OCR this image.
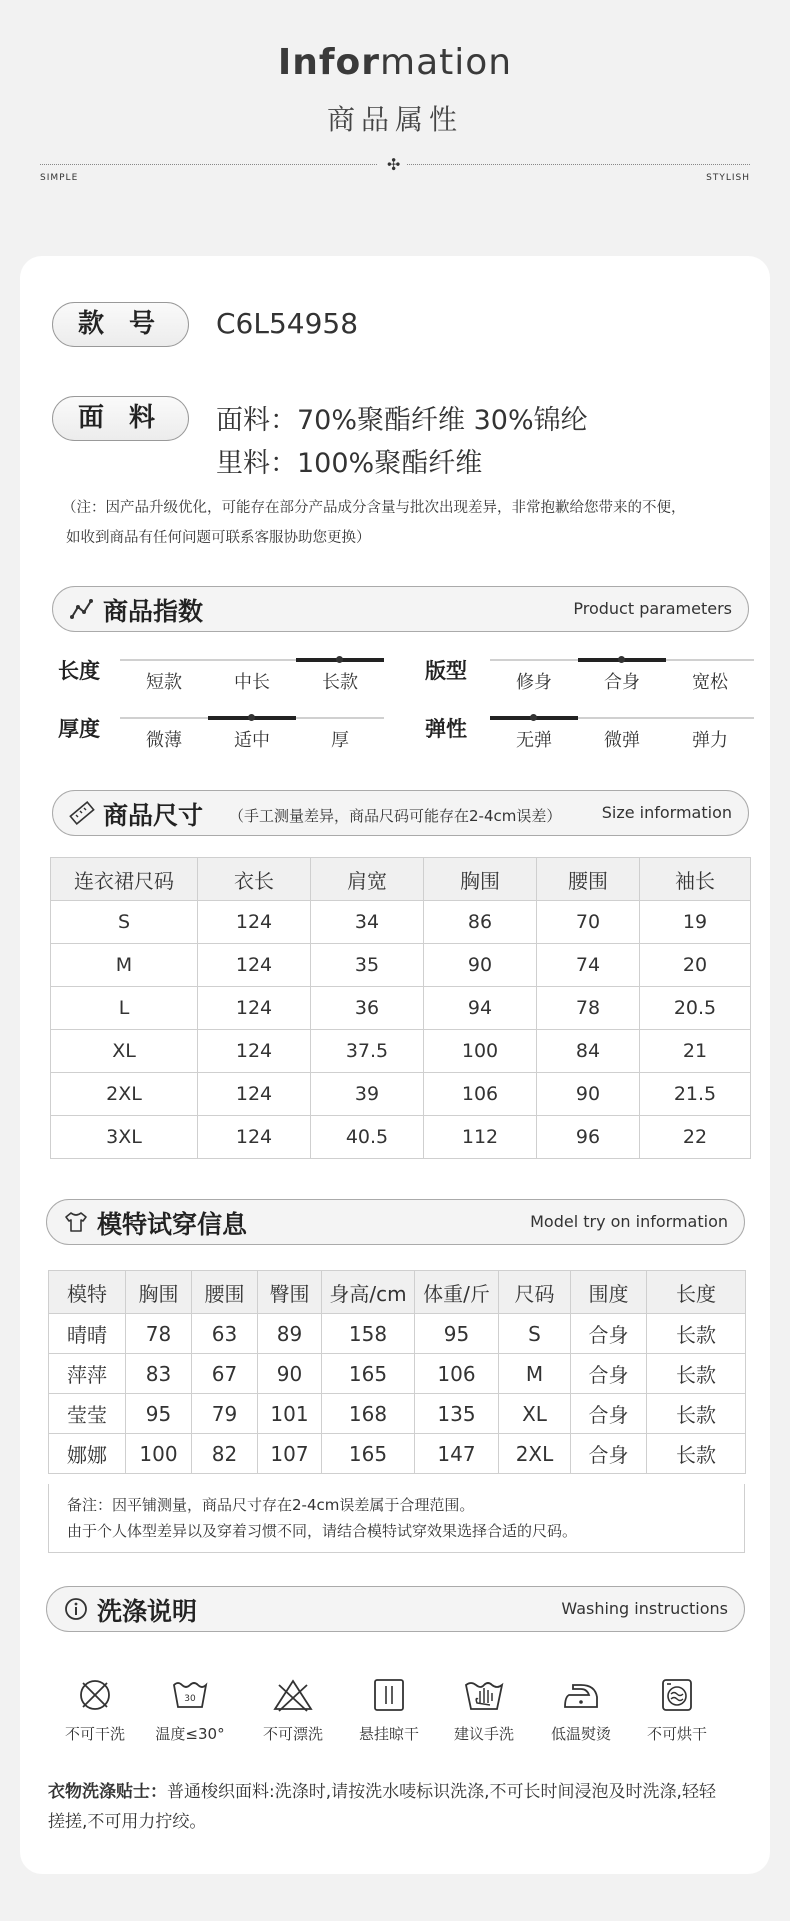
Information
商品属性
✣
SIMPLE	STYLISH
款 号	C6L54958
面 料	面料：70%聚酯纤维 30%锦纶
里料：100%聚酯纤维
（注：因产品升级优化，可能存在部分产品成分含量与批次出现差异，非常抱歉给您带来的不便，
如收到商品有任何问题可联系客服协助您更换）
商品指数	Product parameters
长度	短款	中长	长款	版型	修身	合身	宽松
厚度	微薄	适中	厚	弹性	无弹	微弹	弹力
商品尺寸 （手工测量差异，商品尺码可能存在2-4cm误差）	Size information
连衣裙尺码	衣长	肩宽	胸围	腰围	袖长
S	124	34	86	70	19
M	124	35	90	74	20
L	124	36	94	78	20.5
XL	124	37.5	100	84	21
2XL	124	39	106	90	21.5
3XL	124	40.5	112	96	22
模特试穿信息	Model try on information
模特	胸围	腰围	臀围	身高/cm	体重/斤	尺码	围度	长度
晴晴	78	63	89	158	95	S	合身	长款
萍萍	83	67	90	165	106	M	合身	长款
莹莹	95	79	101	168	135	XL	合身	长款
娜娜	100	82	107	165	147	2XL	合身	长款
备注：因平铺测量，商品尺寸存在2-4cm误差属于合理范围。
由于个人体型差异以及穿着习惯不同，请结合模特试穿效果选择合适的尺码。
洗涤说明	Washing instructions
不可干洗
30
温度≤30°	不可漂洗	悬挂晾干	建议手洗	低温熨烫	不可烘干
衣物洗涤贴士：普通梭织面料:洗涤时,请按洗水唛标识洗涤,不可长时间浸泡及时洗涤,轻轻
搓搓,不可用力拧绞。
